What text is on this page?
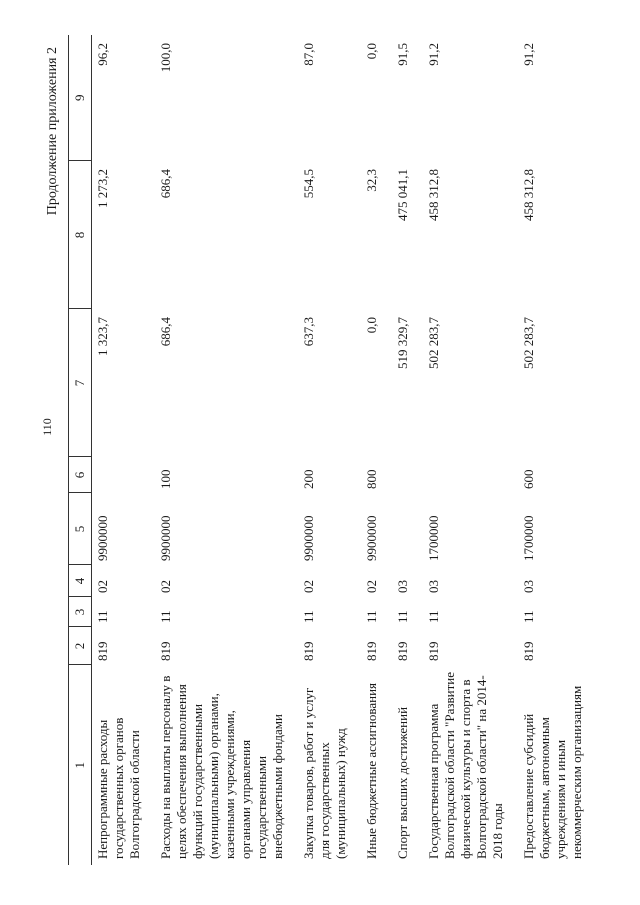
110
Продолжение приложения 2
1	2	3	4	5	6	7	8	9
Непрограммные расходы государственных органов Волгоградской области	819	11	02	9900000		1 323,7	1 273,2	96,2
Расходы на выплаты персоналу в целях обеспечения выполнения функций государственными (муниципальными) органами, казенными учреждениями, органами управления государственными внебюджетными фондами	819	11	02	9900000	100	686,4	686,4	100,0
Закупка товаров, работ и услуг для государственных (муниципальных) нужд	819	11	02	9900000	200	637,3	554,5	87,0
Иные бюджетные ассигнования	819	11	02	9900000	800	0,0	32,3	0,0
Спорт высших достижений	819	11	03			519 329,7	475 041,1	91,5
Государственная программа Волгоградской области "Развитие физической культуры и спорта в Волгоградской области" на 2014-2018 годы	819	11	03	1700000		502 283,7	458 312,8	91,2
Предоставление субсидий бюджетным, автономным учреждениям и иным некоммерческим организациям	819	11	03	1700000	600	502 283,7	458 312,8	91,2
